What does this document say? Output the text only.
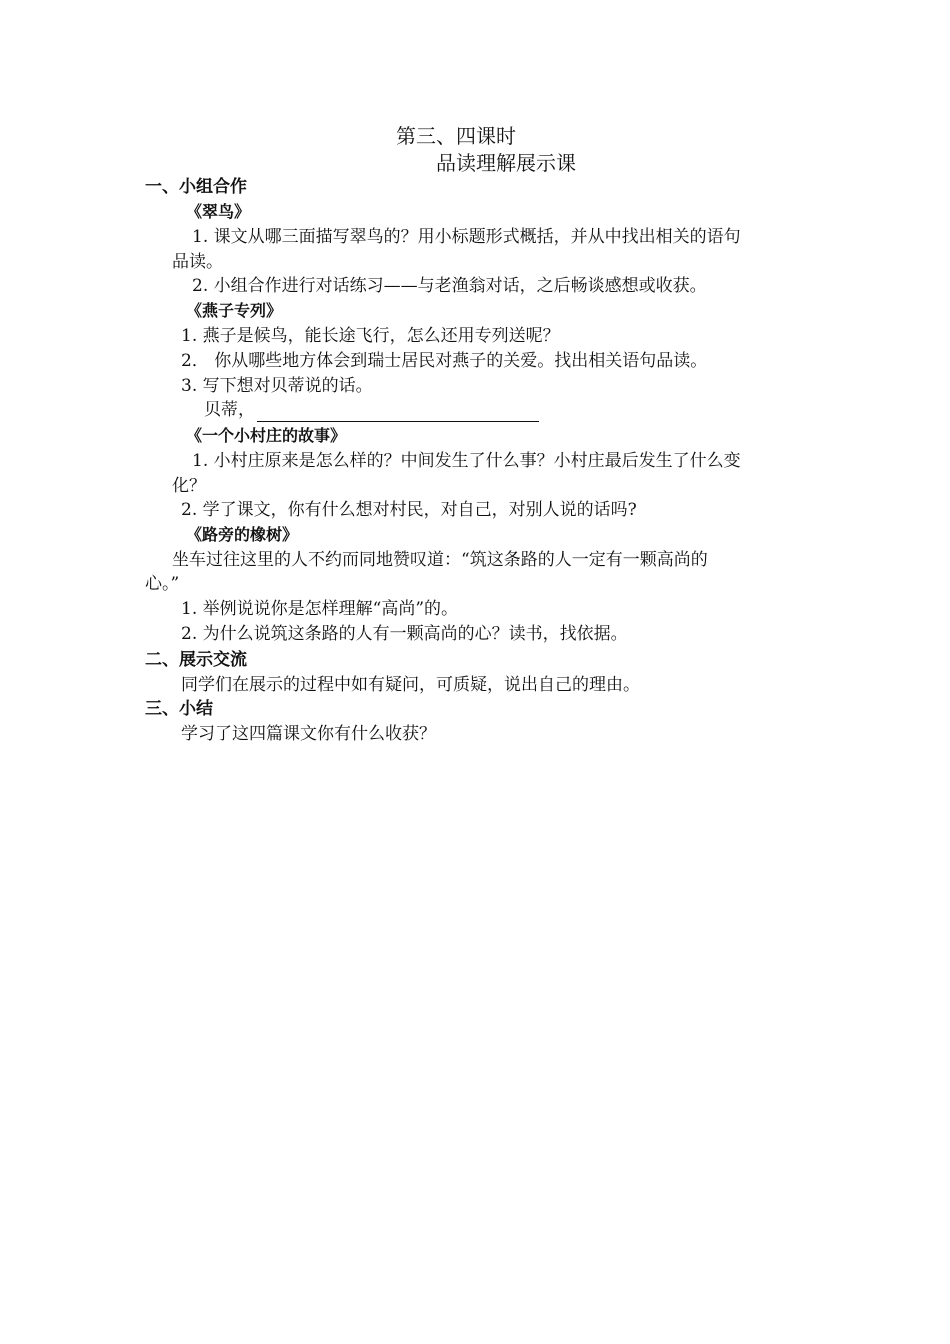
第三、四课时
品读理解展示课
一、小组合作
《翠鸟》
1. 课文从哪三面描写翠鸟的？用小标题形式概括，并从中找出相关的语句
品读。
2. 小组合作进行对话练习——与老渔翁对话，之后畅谈感想或收获。
《燕子专列》
1. 燕子是候鸟，能长途飞行，怎么还用专列送呢？
2． 你从哪些地方体会到瑞士居民对燕子的关爱。找出相关语句品读。
3. 写下想对贝蒂说的话。
贝蒂，
《一个小村庄的故事》
1. 小村庄原来是怎么样的？中间发生了什么事？小村庄最后发生了什么变
化？
2. 学了课文，你有什么想对村民，对自己，对别人说的话吗?
《路旁的橡树》
坐车过往这里的人不约而同地赞叹道：“筑这条路的人一定有一颗高尚的
心。”
1. 举例说说你是怎样理解“高尚”的。
2. 为什么说筑这条路的人有一颗高尚的心？读书，找依据。
二、展示交流
同学们在展示的过程中如有疑问，可质疑，说出自己的理由。
三、小结
学习了这四篇课文你有什么收获？
